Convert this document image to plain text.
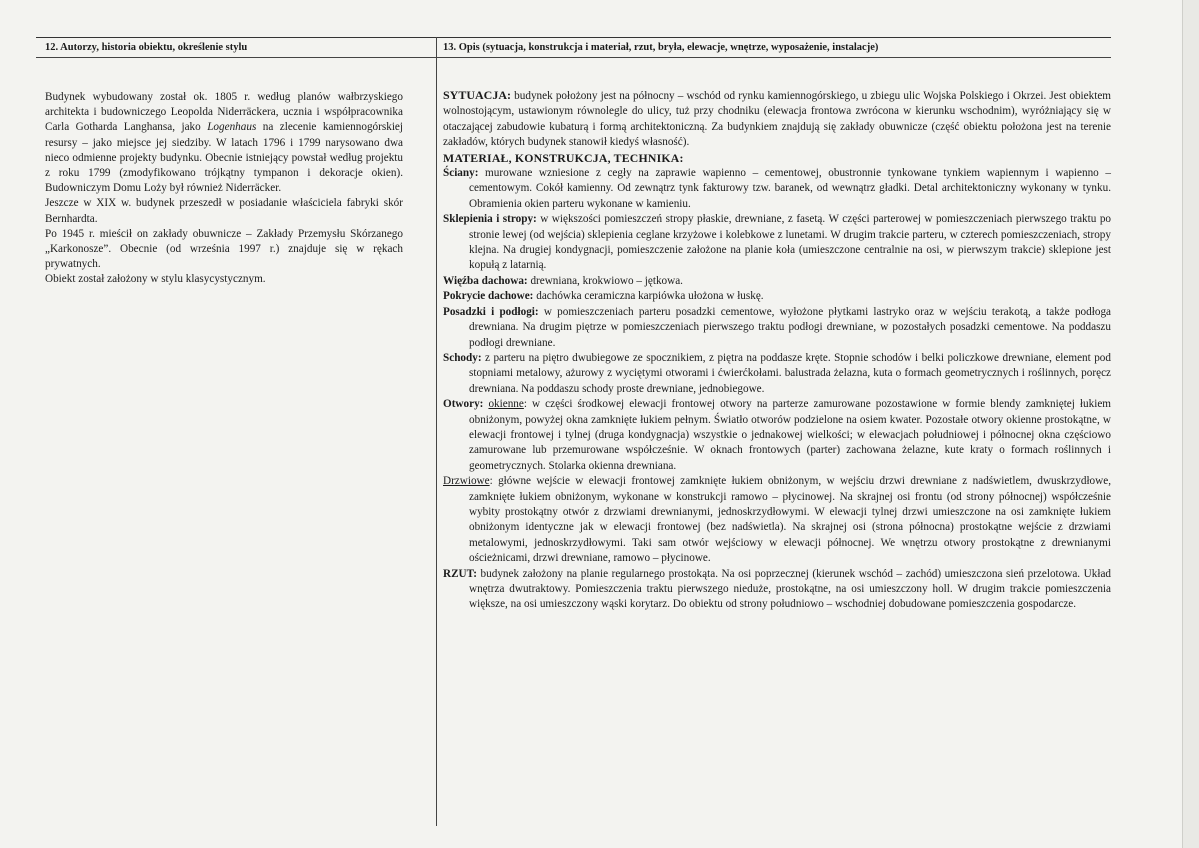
12. Autorzy, historia obiektu, określenie stylu	13. Opis (sytuacja, konstrukcja i materiał, rzut, bryła, elewacje, wnętrze, wyposażenie, instalacje)

Budynek wybudowany został ok. 1805 r. według planów wałbrzyskiego architekta i budowniczego Leopolda Niderräckera, ucznia i współpracownika Carla Gotharda Langhansa, jako Logenhaus na zlecenie kamiennogórskiej resursy – jako miejsce jej siedziby. W latach 1796 i 1799 narysowano dwa nieco odmienne projekty budynku. Obecnie istniejący powstał według projektu z roku 1799 (zmodyfikowano trójkątny tympanon i dekoracje okien). Budowniczym Domu Loży był również Niderräcker.

Jeszcze w XIX w. budynek przeszedł w posiadanie właściciela fabryki skór Bernhardta.

Po 1945 r. mieścił on zakłady obuwnicze – Zakłady Przemysłu Skórzanego „Karkonosze”. Obecnie (od września 1997 r.) znajduje się w rękach prywatnych.

Obiekt został założony w stylu klasycystycznym.

SYTUACJA: budynek położony jest na północny – wschód od rynku kamiennogórskiego, u zbiegu ulic Wojska Polskiego i Okrzei. Jest obiektem wolnostojącym, ustawionym równolegle do ulicy, tuż przy chodniku (elewacja frontowa zwrócona w kierunku wschodnim), wyróżniający się w otaczającej zabudowie kubaturą i formą architektoniczną. Za budynkiem znajdują się zakłady obuwnicze (część obiektu położona jest na terenie zakładów, których budynek stanowił kiedyś własność).

MATERIAŁ, KONSTRUKCJA, TECHNIKA:

Ściany: murowane wzniesione z cegły na zaprawie wapienno – cementowej, obustronnie tynkowane tynkiem wapiennym i wapienno – cementowym. Cokół kamienny. Od zewnątrz tynk fakturowy tzw. baranek, od wewnątrz gładki. Detal architektoniczny wykonany w tynku. Obramienia okien parteru wykonane w kamieniu.

Sklepienia i stropy: w większości pomieszczeń stropy płaskie, drewniane, z fasetą. W części parterowej w pomieszczeniach pierwszego traktu po stronie lewej (od wejścia) sklepienia ceglane krzyżowe i kolebkowe z lunetami. W drugim trakcie parteru, w czterech pomieszczeniach, stropy klejna. Na drugiej kondygnacji, pomieszczenie założone na planie koła (umieszczone centralnie na osi, w pierwszym trakcie) sklepione jest kopułą z latarnią.

Więźba dachowa: drewniana, krokwiowo – jętkowa.

Pokrycie dachowe: dachówka ceramiczna karpiówka ułożona w łuskę.

Posadzki i podłogi: w pomieszczeniach parteru posadzki cementowe, wyłożone płytkami lastryko oraz w wejściu terakotą, a także podłoga drewniana. Na drugim piętrze w pomieszczeniach pierwszego traktu podłogi drewniane, w pozostałych posadzki cementowe. Na poddaszu podłogi drewniane.

Schody: z parteru na piętro dwubiegowe ze spocznikiem, z piętra na poddasze kręte. Stopnie schodów i belki policzkowe drewniane, element pod stopniami metalowy, ażurowy z wyciętymi otworami i ćwierćkołami. balustrada żelazna, kuta o formach geometrycznych i roślinnych, poręcz drewniana. Na poddaszu schody proste drewniane, jednobiegowe.

Otwory: okienne: w części środkowej elewacji frontowej otwory na parterze zamurowane pozostawione w formie blendy zamkniętej łukiem obniżonym, powyżej okna zamknięte łukiem pełnym. Światło otworów podzielone na osiem kwater. Pozostałe otwory okienne prostokątne, w elewacji frontowej i tylnej (druga kondygnacja) wszystkie o jednakowej wielkości; w elewacjach południowej i północnej okna częściowo zamurowane lub przemurowane współcześnie. W oknach frontowych (parter) zachowana żelazne, kute kraty o formach roślinnych i geometrycznych. Stolarka okienna drewniana.

Drzwiowe: główne wejście w elewacji frontowej zamknięte łukiem obniżonym, w wejściu drzwi drewniane z nadświetlem, dwuskrzydłowe, zamknięte łukiem obniżonym, wykonane w konstrukcji ramowo – płycinowej. Na skrajnej osi frontu (od strony północnej) współcześnie wybity prostokątny otwór z drzwiami drewnianymi, jednoskrzydłowymi. W elewacji tylnej drzwi umieszczone na osi zamknięte łukiem obniżonym identyczne jak w elewacji frontowej (bez nadświetla). Na skrajnej osi (strona północna) prostokątne wejście z drzwiami metalowymi, jednoskrzydłowymi. Taki sam otwór wejściowy w elewacji północnej. We wnętrzu otwory prostokątne z drewnianymi ościeżnicami, drzwi drewniane, ramowo – płycinowe.

RZUT: budynek założony na planie regularnego prostokąta. Na osi poprzecznej (kierunek wschód – zachód) umieszczona sień przelotowa. Układ wnętrza dwutraktowy. Pomieszczenia traktu pierwszego nieduże, prostokątne, na osi umieszczony holl. W drugim trakcie pomieszczenia większe, na osi umieszczony wąski korytarz. Do obiektu od strony południowo – wschodniej dobudowane pomieszczenia gospodarcze.
